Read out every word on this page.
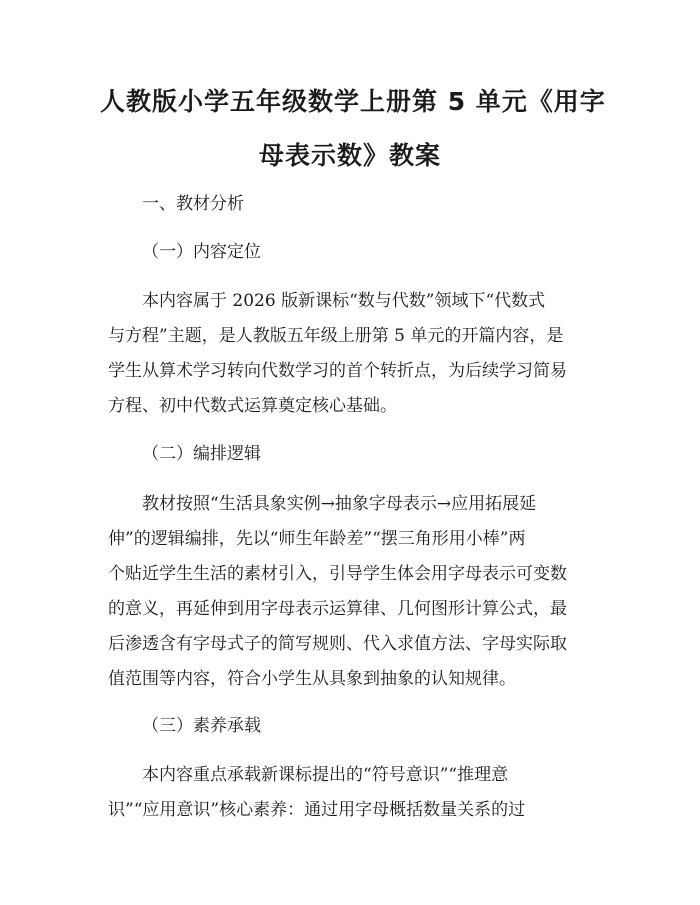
人教版小学五年级数学上册第 5 单元《用字
母表示数》教案

一、教材分析

（一）内容定位

本内容属于 2026 版新课标“数与代数”领域下“代数式

与方程”主题，是人教版五年级上册第 5 单元的开篇内容，是

学生从算术学习转向代数学习的首个转折点，为后续学习简易

方程、初中代数式运算奠定核心基础。

（二）编排逻辑

教材按照“生活具象实例→抽象字母表示→应用拓展延

伸”的逻辑编排，先以“师生年龄差”“摆三角形用小棒”两

个贴近学生生活的素材引入，引导学生体会用字母表示可变数

的意义，再延伸到用字母表示运算律、几何图形计算公式，最

后渗透含有字母式子的简写规则、代入求值方法、字母实际取

值范围等内容，符合小学生从具象到抽象的认知规律。

（三）素养承载

本内容重点承载新课标提出的“符号意识”“推理意

识”“应用意识”核心素养：通过用字母概括数量关系的过
